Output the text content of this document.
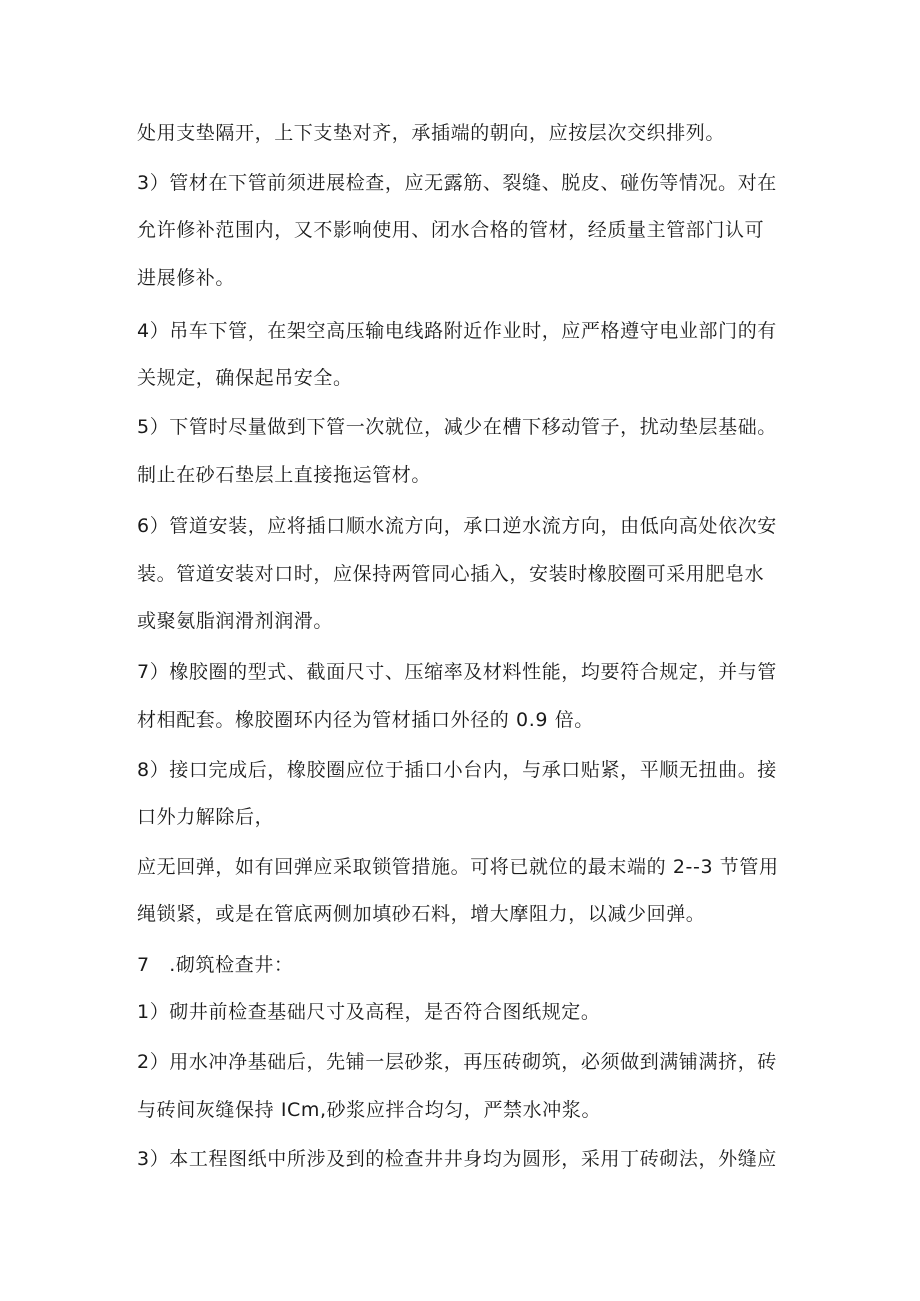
处用支垫隔开，上下支垫对齐，承插端的朝向，应按层次交织排列。
3）管材在下管前须进展检查，应无露筋、裂缝、脱皮、碰伤等情况。对在
允许修补范围内，又不影响使用、闭水合格的管材，经质量主管部门认可
进展修补。
4）吊车下管，在架空高压输电线路附近作业时，应严格遵守电业部门的有
关规定，确保起吊安全。
5）下管时尽量做到下管一次就位，减少在槽下移动管子，扰动垫层基础。
制止在砂石垫层上直接拖运管材。
6）管道安装，应将插口顺水流方向，承口逆水流方向，由低向高处依次安
装。管道安装对口时，应保持两管同心插入，安装时橡胶圈可采用肥皂水
或聚氨脂润滑剂润滑。
7）橡胶圈的型式、截面尺寸、压缩率及材料性能，均要符合规定，并与管
材相配套。橡胶圈环内径为管材插口外径的 0.9 倍。
8）接口完成后，橡胶圈应位于插口小台内，与承口贴紧，平顺无扭曲。接
口外力解除后，
应无回弹，如有回弹应采取锁管措施。可将已就位的最末端的 2--3 节管用
绳锁紧，或是在管底两侧加填砂石料，增大摩阻力，以减少回弹。
7　.砌筑检查井：
1）砌井前检查基础尺寸及高程，是否符合图纸规定。
2）用水冲净基础后，先铺一层砂浆，再压砖砌筑，必须做到满铺满挤，砖
与砖间灰缝保持 ICm,砂浆应拌合均匀，严禁水冲浆。
3）本工程图纸中所涉及到的检查井井身均为圆形，采用丁砖砌法，外缝应
